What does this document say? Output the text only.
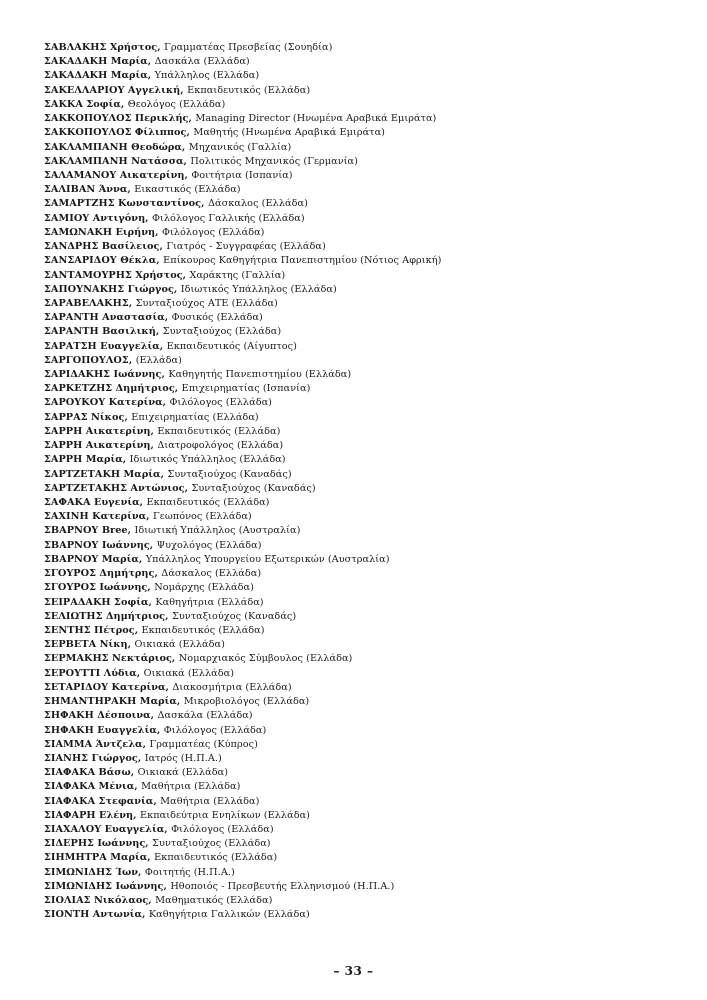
ΣΑΒΛΑΚΗΣ Χρήστος, Γραμματέας Πρεσβείας (Σουηδία)
ΣΑΚΑΔΑΚΗ Μαρία, Δασκάλα (Ελλάδα)
ΣΑΚΑΔΑΚΗ Μαρία, Υπάλληλος (Ελλάδα)
ΣΑΚΕΛΛΑΡΙΟΥ Αγγελική, Εκπαιδευτικός (Ελλάδα)
ΣΑΚΚΑ Σοφία, Θεολόγος (Ελλάδα)
ΣΑΚΚΟΠΟΥΛΟΣ Περικλής, Managing Director (Ηνωμένα Αραβικά Εμιράτα)
ΣΑΚΚΟΠΟΥΛΟΣ Φίλιππος, Μαθητής (Ηνωμένα Αραβικά Εμιράτα)
ΣΑΚΛΑΜΠΑΝΗ Θεοδώρα, Μηχανικός (Γαλλία)
ΣΑΚΛΑΜΠΑΝΗ Νατάσσα, Πολιτικός Μηχανικός (Γερμανία)
ΣΑΛΑΜΑΝΟΥ Αικατερίνη, Φοιτήτρια (Ισπανία)
ΣΑΛΙΒΑΝ Άννα, Εικαστικός (Ελλάδα)
ΣΑΜΑΡΤΖΗΣ Κωνσταντίνος, Δάσκαλος (Ελλάδα)
ΣΑΜΙΟΥ Αντιγόνη, Φιλόλογος Γαλλικής (Ελλάδα)
ΣΑΜΩΝΑΚΗ Ειρήνη, Φιλόλογος (Ελλάδα)
ΣΑΝΔΡΗΣ Βασίλειος, Γιατρός - Συγγραφέας (Ελλάδα)
ΣΑΝΣΑΡΙΔΟΥ Θέκλα, Επίκουρος Καθηγήτρια Πανεπιστημίου (Νότιος Αφρική)
ΣΑΝΤΑΜΟΥΡΗΣ Χρήστος, Χαράκτης (Γαλλία)
ΣΑΠΟΥΝΑΚΗΣ Γιώργος, Ιδιωτικός Υπάλληλος (Ελλάδα)
ΣΑΡΑΒΕΛΑΚΗΣ, Συνταξιούχος ΑΤΕ (Ελλάδα)
ΣΑΡΑΝΤΗ Αναστασία, Φυσικός (Ελλάδα)
ΣΑΡΑΝΤΗ Βασιλική, Συνταξιούχος (Ελλάδα)
ΣΑΡΑΤΣΗ Ευαγγελία, Εκπαιδευτικός (Αίγυπτος)
ΣΑΡΓΟΠΟΥΛΟΣ, (Ελλάδα)
ΣΑΡΙΔΑΚΗΣ Ιωάννης, Καθηγητής Πανεπιστημίου (Ελλάδα)
ΣΑΡΚΕΤΖΗΣ Δημήτριος, Επιχειρηματίας (Ισπανία)
ΣΑΡΟΥΚΟΥ Κατερίνα, Φιλόλογος (Ελλάδα)
ΣΑΡΡΑΣ Νίκος, Επιχειρηματίας (Ελλάδα)
ΣΑΡΡΗ Αικατερίνη, Εκπαιδευτικός (Ελλάδα)
ΣΑΡΡΗ Αικατερίνη, Διατροφολόγος (Ελλάδα)
ΣΑΡΡΗ Μαρία, Ιδιωτικός Υπάλληλος (Ελλάδα)
ΣΑΡΤΖΕΤΑΚΗ Μαρία, Συνταξιούχος (Καναδάς)
ΣΑΡΤΖΕΤΑΚΗΣ Αντώνιος, Συνταξιούχος (Καναδάς)
ΣΑΦΑΚΑ Ευγενία, Εκπαιδευτικός (Ελλάδα)
ΣΑΧΙΝΗ Κατερίνα, Γεωπόνος (Ελλάδα)
ΣΒΑΡΝΟΥ Bree, Ιδιωτική Υπάλληλος (Αυστραλία)
ΣΒΑΡΝΟΥ Ιωάννης, Ψυχολόγος (Ελλάδα)
ΣΒΑΡΝΟΥ Μαρία, Υπάλληλος Υπουργείου Εξωτερικών (Αυστραλία)
ΣΓΟΥΡΟΣ Δημήτρης, Δάσκαλος (Ελλάδα)
ΣΓΟΥΡΟΣ Ιωάννης, Νομάρχης (Ελλάδα)
ΣΕΙΡΑΔΑΚΗ Σοφία, Καθηγήτρια (Ελλάδα)
ΣΕΛΙΩΤΗΣ Δημήτριος, Συνταξιούχος (Καναδάς)
ΣΕΝΤΗΣ Πέτρος, Εκπαιδευτικός (Ελλάδα)
ΣΕΡΒΕΤΑ Νίκη, Οικιακά (Ελλάδα)
ΣΕΡΜΑΚΗΣ Νεκτάριος, Νομαρχιακός Σύμβουλος (Ελλάδα)
ΣΕΡΟΥΤΤΙ Λύδια, Οικιακά (Ελλάδα)
ΣΕΤΑΡΙΔΟΥ Κατερίνα, Διακοσμήτρια (Ελλάδα)
ΣΗΜΑΝΤΗΡΑΚΗ Μαρία, Μικροβιολόγος (Ελλάδα)
ΣΗΦΑΚΗ Δέσποινα, Δασκάλα (Ελλάδα)
ΣΗΦΑΚΗ Ευαγγελία, Φιλόλογος (Ελλάδα)
ΣΙΑΜΜΑ Άντζελα, Γραμματέας (Κύπρος)
ΣΙΑΝΗΣ Γιώργος, Ιατρός (Η.Π.Α.)
ΣΙΑΦΑΚΑ Βάσω, Οικιακά (Ελλάδα)
ΣΙΑΦΑΚΑ Μένια, Μαθήτρια (Ελλάδα)
ΣΙΑΦΑΚΑ Στεφανία, Μαθήτρια (Ελλάδα)
ΣΙΑΦΑΡΗ Ελένη, Εκπαιδεύτρια Ενηλίκων (Ελλάδα)
ΣΙΑΧΑΛΟΥ Ευαγγελία, Φιλόλογος (Ελλάδα)
ΣΙΔΕΡΗΣ Ιωάννης, Συνταξιούχος (Ελλάδα)
ΣΙΗΜΗΤΡΑ Μαρία, Εκπαιδευτικός (Ελλάδα)
ΣΙΜΩΝΙΔΗΣ Ίων, Φοιτητής (Η.Π.Α.)
ΣΙΜΩΝΙΔΗΣ Ιωάννης, Ηθοποιός - Πρεσβευτής Ελληνισμού (Η.Π.Α.)
ΣΙΟΛΙΑΣ Νικόλαος, Μαθηματικός (Ελλάδα)
ΣΙΟΝΤΗ Αντωνία, Καθηγήτρια Γαλλικών (Ελλάδα)
– 33 –
